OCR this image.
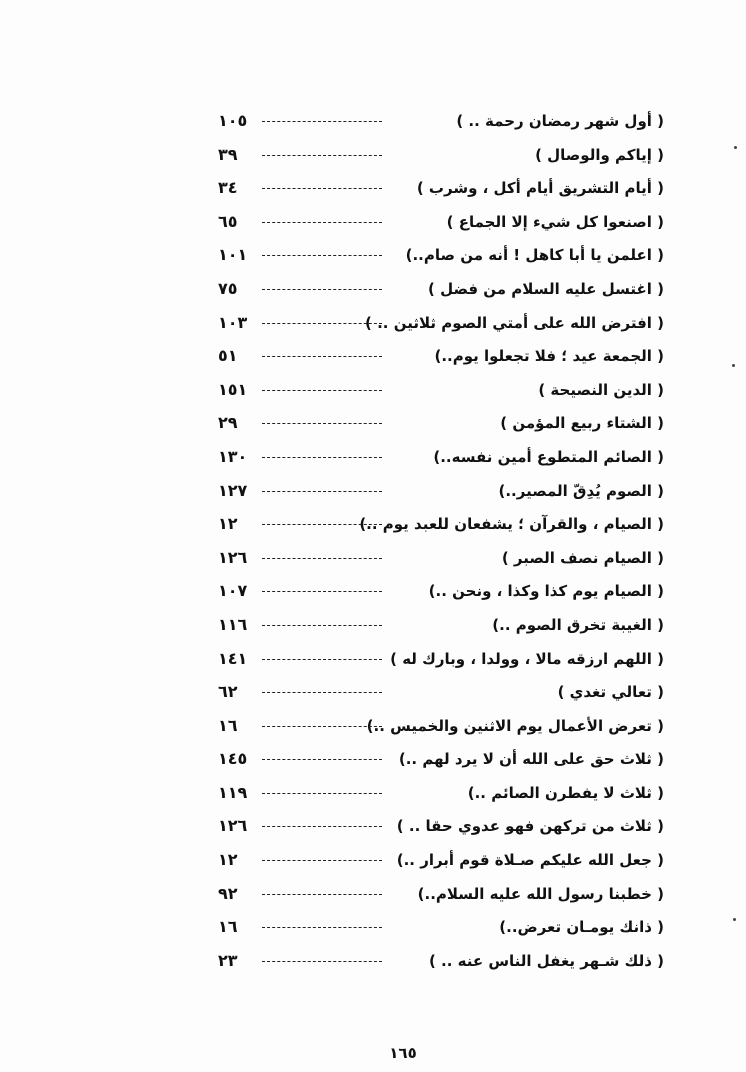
( أول شهر رمضان رحمة .. )
١٠٥
( إياكم والوصال )
٣٩
( أيام التشريق أيام أكل ، وشرب )
٣٤
( اصنعوا كل شيء إلا الجماع )
٦٥
( اعلمن يا أبا كاهل ! أنه من صام..)
١٠١
( اغتسل عليه السلام من فضل )
٧٥
( افترض الله على أمتي الصوم ثلاثين .. )
١٠٣
( الجمعة عيد ؛ فلا تجعلوا يوم..)
٥١
( الدين النصيحة )
١٥١
( الشتاء ربيع المؤمن )
٢٩
( الصائم المتطوع أمين نفسه..)
١٣٠
( الصوم يُدِقّ المصير..)
١٢٧
( الصيام ، والقرآن ؛ يشفعان للعبد يوم ..)
١٢
( الصيام نصف الصبر )
١٢٦
( الصيام يوم كذا وكذا ، ونحن ..)
١٠٧
( الغيبة تخرق الصوم ..)
١١٦
( اللهم ارزقه مالا ، وولدا ، وبارك له )
١٤١
( تعالي تغدي )
٦٢
( تعرض الأعمال يوم الاثنين والخميس ..)
١٦
( ثلاث حق على الله أن لا يرد لهم ..)
١٤٥
( ثلاث لا يفطرن الصائم ..)
١١٩
( ثلاث من تركهن فهو عدوي حقا .. )
١٢٦
( جعل الله عليكم صـلاة قوم أبرار ..)
١٢
( خطبنا رسول الله عليه السلام..)
٩٢
( ذانك يومـان تعرض..)
١٦
( ذلك شـهر يغفل الناس عنه .. )
٢٣
١٦٥
